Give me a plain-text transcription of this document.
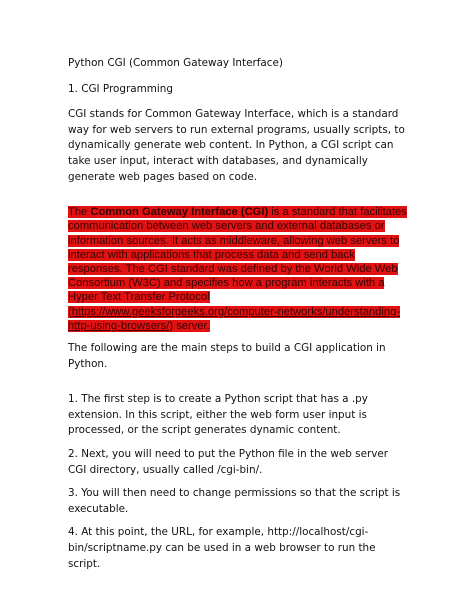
Python CGI (Common Gateway Interface)

1. CGI Programming

CGI stands for Common Gateway Interface, which is a standard way for web servers to run external programs, usually scripts, to dynamically generate web content. In Python, a CGI script can take user input, interact with databases, and dynamically generate web pages based on code.

The Common Gateway Interface (CGI) is a standard that facilitates communication between web servers and external databases or information sources. It acts as middleware, allowing web servers to interact with applications that process data and send back responses. The CGI standard was defined by the World Wide Web Consortium (W3C) and specifies how a program interacts with a Hyper Text Transfer Protocol (https://www.geeksforgeeks.org/computer-networks/understanding-http-using-browsers/) server.

The following are the main steps to build a CGI application in Python.

1. The first step is to create a Python script that has a .py extension. In this script, either the web form user input is processed, or the script generates dynamic content.

2. Next, you will need to put the Python file in the web server CGI directory, usually called /cgi-bin/.

3. You will then need to change permissions so that the script is executable.

4. At this point, the URL, for example, http://localhost/cgi-bin/scriptname.py can be used in a web browser to run the script.
